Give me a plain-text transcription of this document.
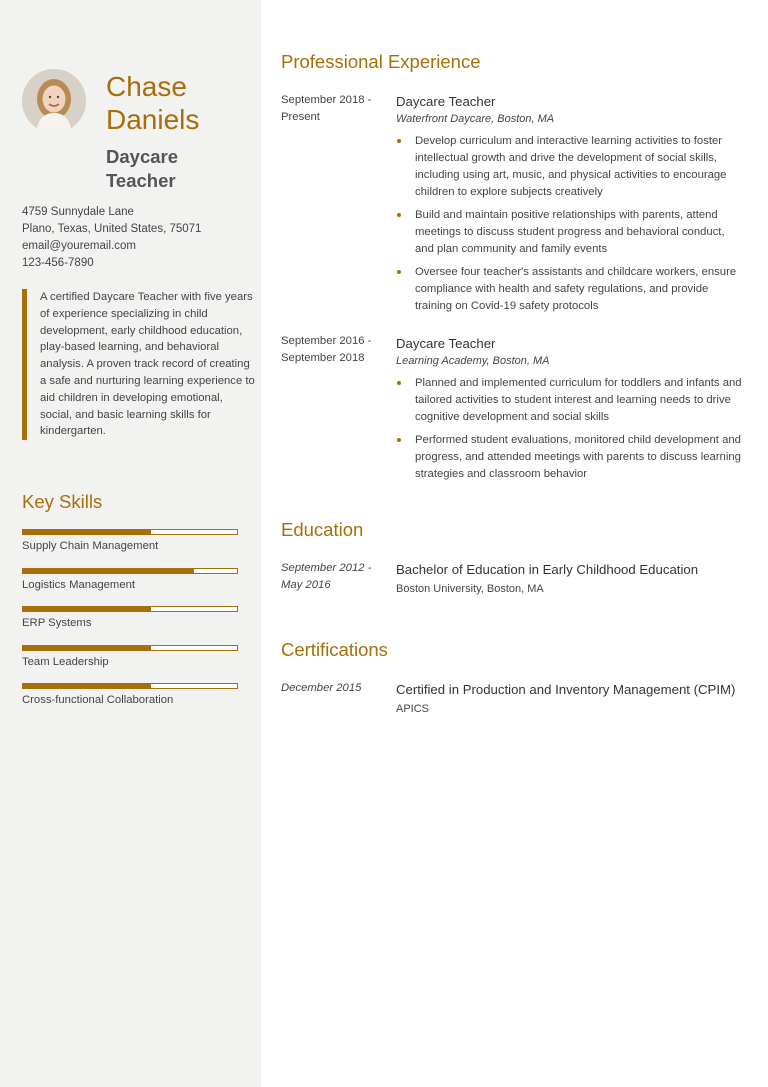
Chase
Daniels
Daycare
Teacher
4759 Sunnydale Lane
Plano, Texas, United States, 75071
email@youremail.com
123-456-7890
A certified Daycare Teacher with five years of experience specializing in child development, early childhood education, play-based learning, and behavioral analysis. A proven track record of creating a safe and nurturing learning experience to aid children in developing emotional, social, and basic learning skills for kindergarten.
Key Skills
Supply Chain Management
Logistics Management
ERP Systems
Team Leadership
Cross-functional Collaboration
Professional Experience
September 2018 -
Present
Daycare Teacher
Waterfront Daycare, Boston, MA
Develop curriculum and interactive learning activities to foster intellectual growth and drive the development of social skills, including using art, music, and physical activities to encourage children to explore subjects creatively
Build and maintain positive relationships with parents, attend meetings to discuss student progress and behavioral conduct, and plan community and family events
Oversee four teacher's assistants and childcare workers, ensure compliance with health and safety regulations, and provide training on Covid-19 safety protocols
September 2016 -
September 2018
Daycare Teacher
Learning Academy, Boston, MA
Planned and implemented curriculum for toddlers and infants and tailored activities to student interest and learning needs to drive cognitive development and social skills
Performed student evaluations, monitored child development and progress, and attended meetings with parents to discuss learning strategies and classroom behavior
Education
September 2012 -
May 2016
Bachelor of Education in Early Childhood Education
Boston University, Boston, MA
Certifications
December 2015	Certified in Production and Inventory Management (CPIM)
APICS
